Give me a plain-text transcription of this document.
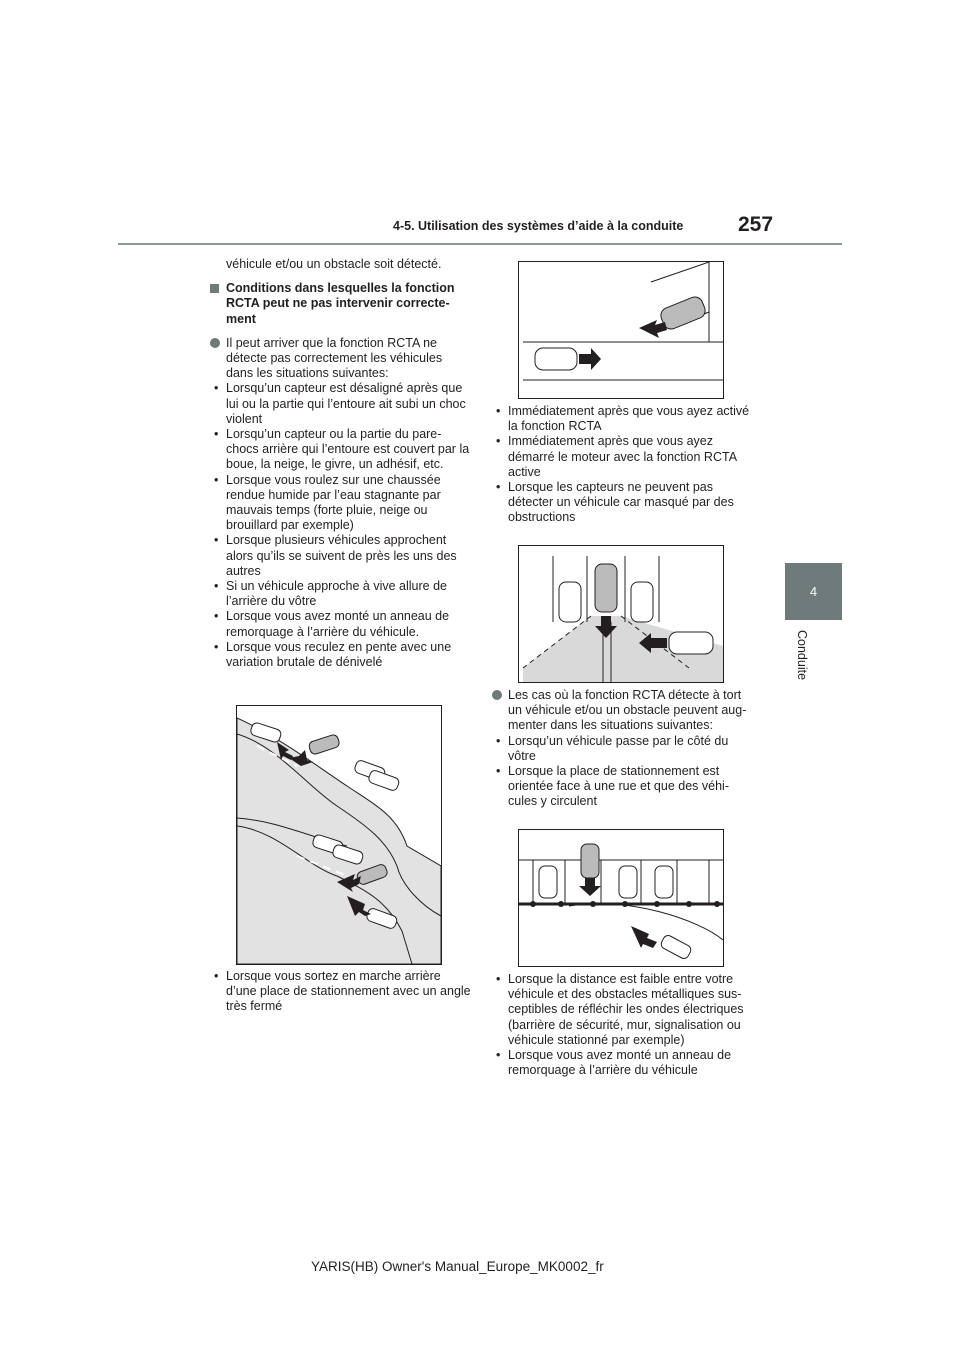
4-5. Utilisation des systèmes d’aide à la conduite	257
4
Conduite

véhicule et/ou un obstacle soit détecté.

Conditions dans lesquelles la fonction RCTA peut ne pas intervenir correcte-ment

Il peut arriver que la fonction RCTA ne détecte pas correctement les véhicules dans les situations suivantes:

• Lorsqu’un capteur est désaligné après que lui ou la partie qui l’entoure ait subi un choc violent
• Lorsqu’un capteur ou la partie du pare-chocs arrière qui l’entoure est couvert par la boue, la neige, le givre, un adhésif, etc.
• Lorsque vous roulez sur une chaussée rendue humide par l’eau stagnante par mauvais temps (forte pluie, neige ou brouillard par exemple)
• Lorsque plusieurs véhicules approchent alors qu’ils se suivent de près les uns des autres
• Si un véhicule approche à vive allure de l’arrière du vôtre
• Lorsque vous avez monté un anneau de remorquage à l’arrière du véhicule.
• Lorsque vous reculez en pente avec une variation brutale de dénivelé
• Lorsque vous sortez en marche arrière d’une place de stationnement avec un angle très fermé
• Immédiatement après que vous ayez activé la fonction RCTA
• Immédiatement après que vous ayez démarré le moteur avec la fonction RCTA active
• Lorsque les capteurs ne peuvent pas détecter un véhicule car masqué par des obstructions

Les cas où la fonction RCTA détecte à tort un véhicule et/ou un obstacle peuvent aug-menter dans les situations suivantes:

• Lorsqu’un véhicule passe par le côté du vôtre
• Lorsque la place de stationnement est orientée face à une rue et que des véhi-cules y circulent
• Lorsque la distance est faible entre votre véhicule et des obstacles métalliques sus-ceptibles de réfléchir les ondes électriques (barrière de sécurité, mur, signalisation ou véhicule stationné par exemple)
• Lorsque vous avez monté un anneau de remorquage à l’arrière du véhicule
YARIS(HB) Owner's Manual_Europe_MK0002_fr
